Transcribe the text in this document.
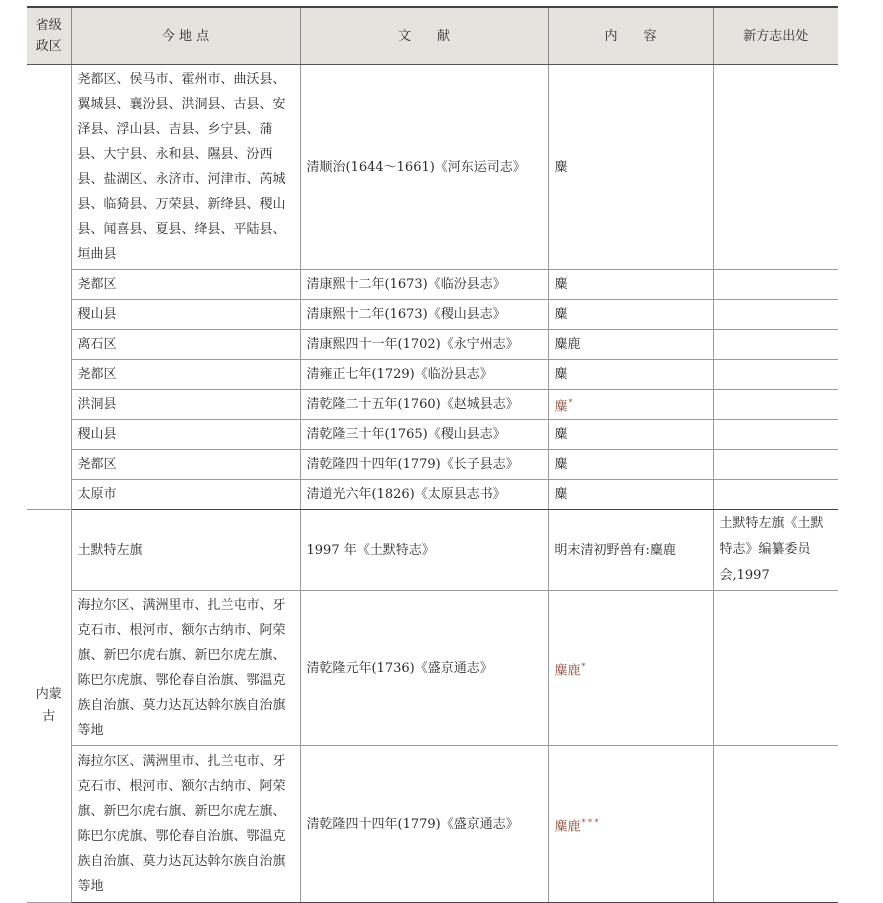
省级
政区	今 地 点	文　　献	内　　容	新方志出处
	尧都区、侯马市、霍州市、曲沃县、翼城县、襄汾县、洪洞县、古县、安泽县、浮山县、吉县、乡宁县、蒲县、大宁县、永和县、隰县、汾西县、盐湖区、永济市、河津市、芮城县、临猗县、万荣县、新绛县、稷山县、闻喜县、夏县、绛县、平陆县、垣曲县	清顺治(1644～1661)《河东运司志》	麋	
	尧都区	清康熙十二年(1673)《临汾县志》	麋	
	稷山县	清康熙十二年(1673)《稷山县志》	麋	
	离石区	清康熙四十一年(1702)《永宁州志》	麋鹿	
	尧都区	清雍正七年(1729)《临汾县志》	麋	
	洪洞县	清乾隆二十五年(1760)《赵城县志》	麋*	
	稷山县	清乾隆三十年(1765)《稷山县志》	麋	
	尧都区	清乾隆四十四年(1779)《长子县志》	麋	
	太原市	清道光六年(1826)《太原县志书》	麋	
内蒙
古	土默特左旗	1997 年《土默特志》	明末清初野兽有:麋鹿	土默特左旗《土默特志》编纂委员会,1997
	海拉尔区、满洲里市、扎兰屯市、牙克石市、根河市、额尔古纳市、阿荣旗、新巴尔虎右旗、新巴尔虎左旗、陈巴尔虎旗、鄂伦春自治旗、鄂温克族自治旗、莫力达瓦达斡尔族自治旗等地	清乾隆元年(1736)《盛京通志》	麋鹿*	
	海拉尔区、满洲里市、扎兰屯市、牙克石市、根河市、额尔古纳市、阿荣旗、新巴尔虎右旗、新巴尔虎左旗、陈巴尔虎旗、鄂伦春自治旗、鄂温克族自治旗、莫力达瓦达斡尔族自治旗等地	清乾隆四十四年(1779)《盛京通志》	麋鹿* * *	
